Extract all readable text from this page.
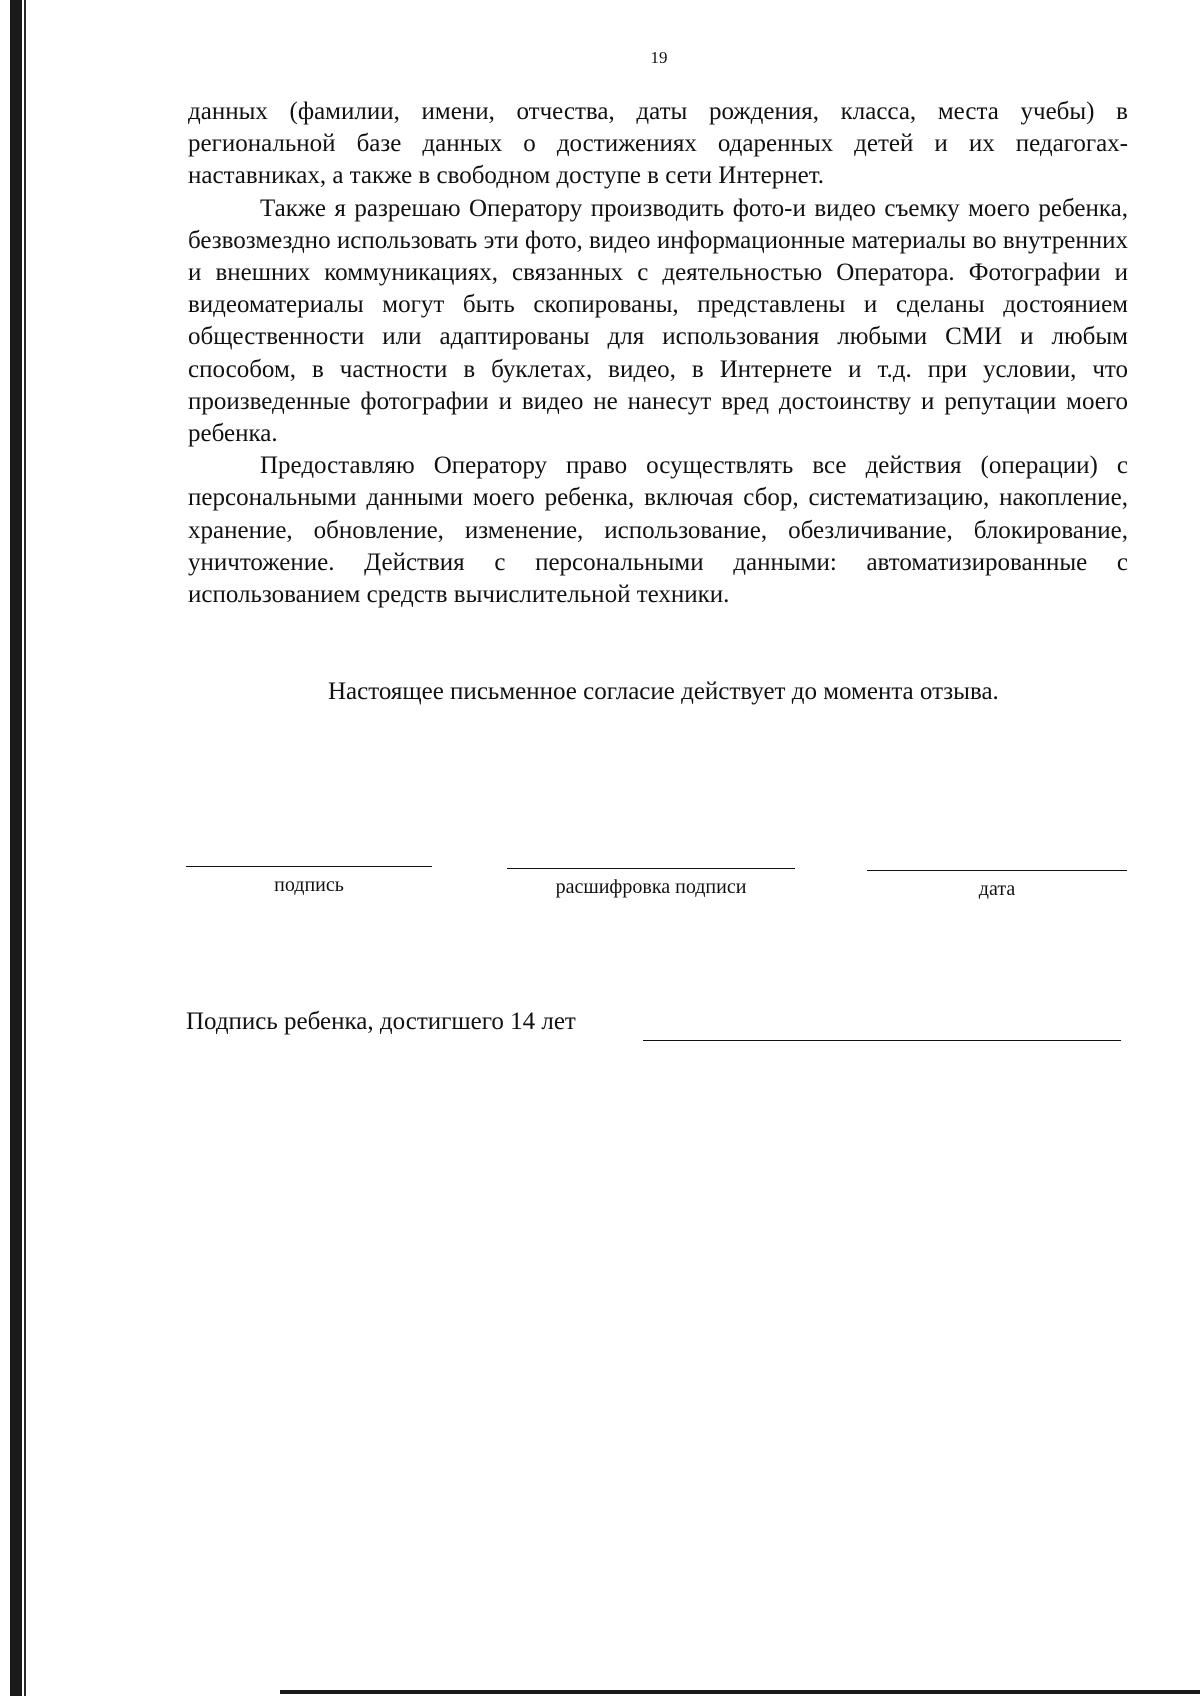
19

данных (фамилии, имени, отчества, даты рождения, класса, места учебы) в региональной базе данных о достижениях одаренных детей и их педагогах-наставниках, а также в свободном доступе в сети Интернет.

Также я разрешаю Оператору производить фото-и видео съемку моего ребенка, безвозмездно использовать эти фото, видео информационные материалы во внутренних и внешних коммуникациях, связанных с деятельностью Оператора. Фотографии и видеоматериалы могут быть скопированы, представлены и сделаны достоянием общественности или адаптированы для использования любыми СМИ и любым способом, в частности в буклетах, видео, в Интернете и т.д. при условии, что произведенные фотографии и видео не нанесут вред достоинству и репутации моего ребенка.

Предоставляю Оператору право осуществлять все действия (операции) с персональными данными моего ребенка, включая сбор, систематизацию, накопление, хранение, обновление, изменение, использование, обезличивание, блокирование, уничтожение. Действия с персональными данными: автоматизированные с использованием средств вычислительной техники.

Настоящее письменное согласие действует до момента отзыва.
подпись	расшифровка подписи	дата
Подпись ребенка, достигшего 14 лет
